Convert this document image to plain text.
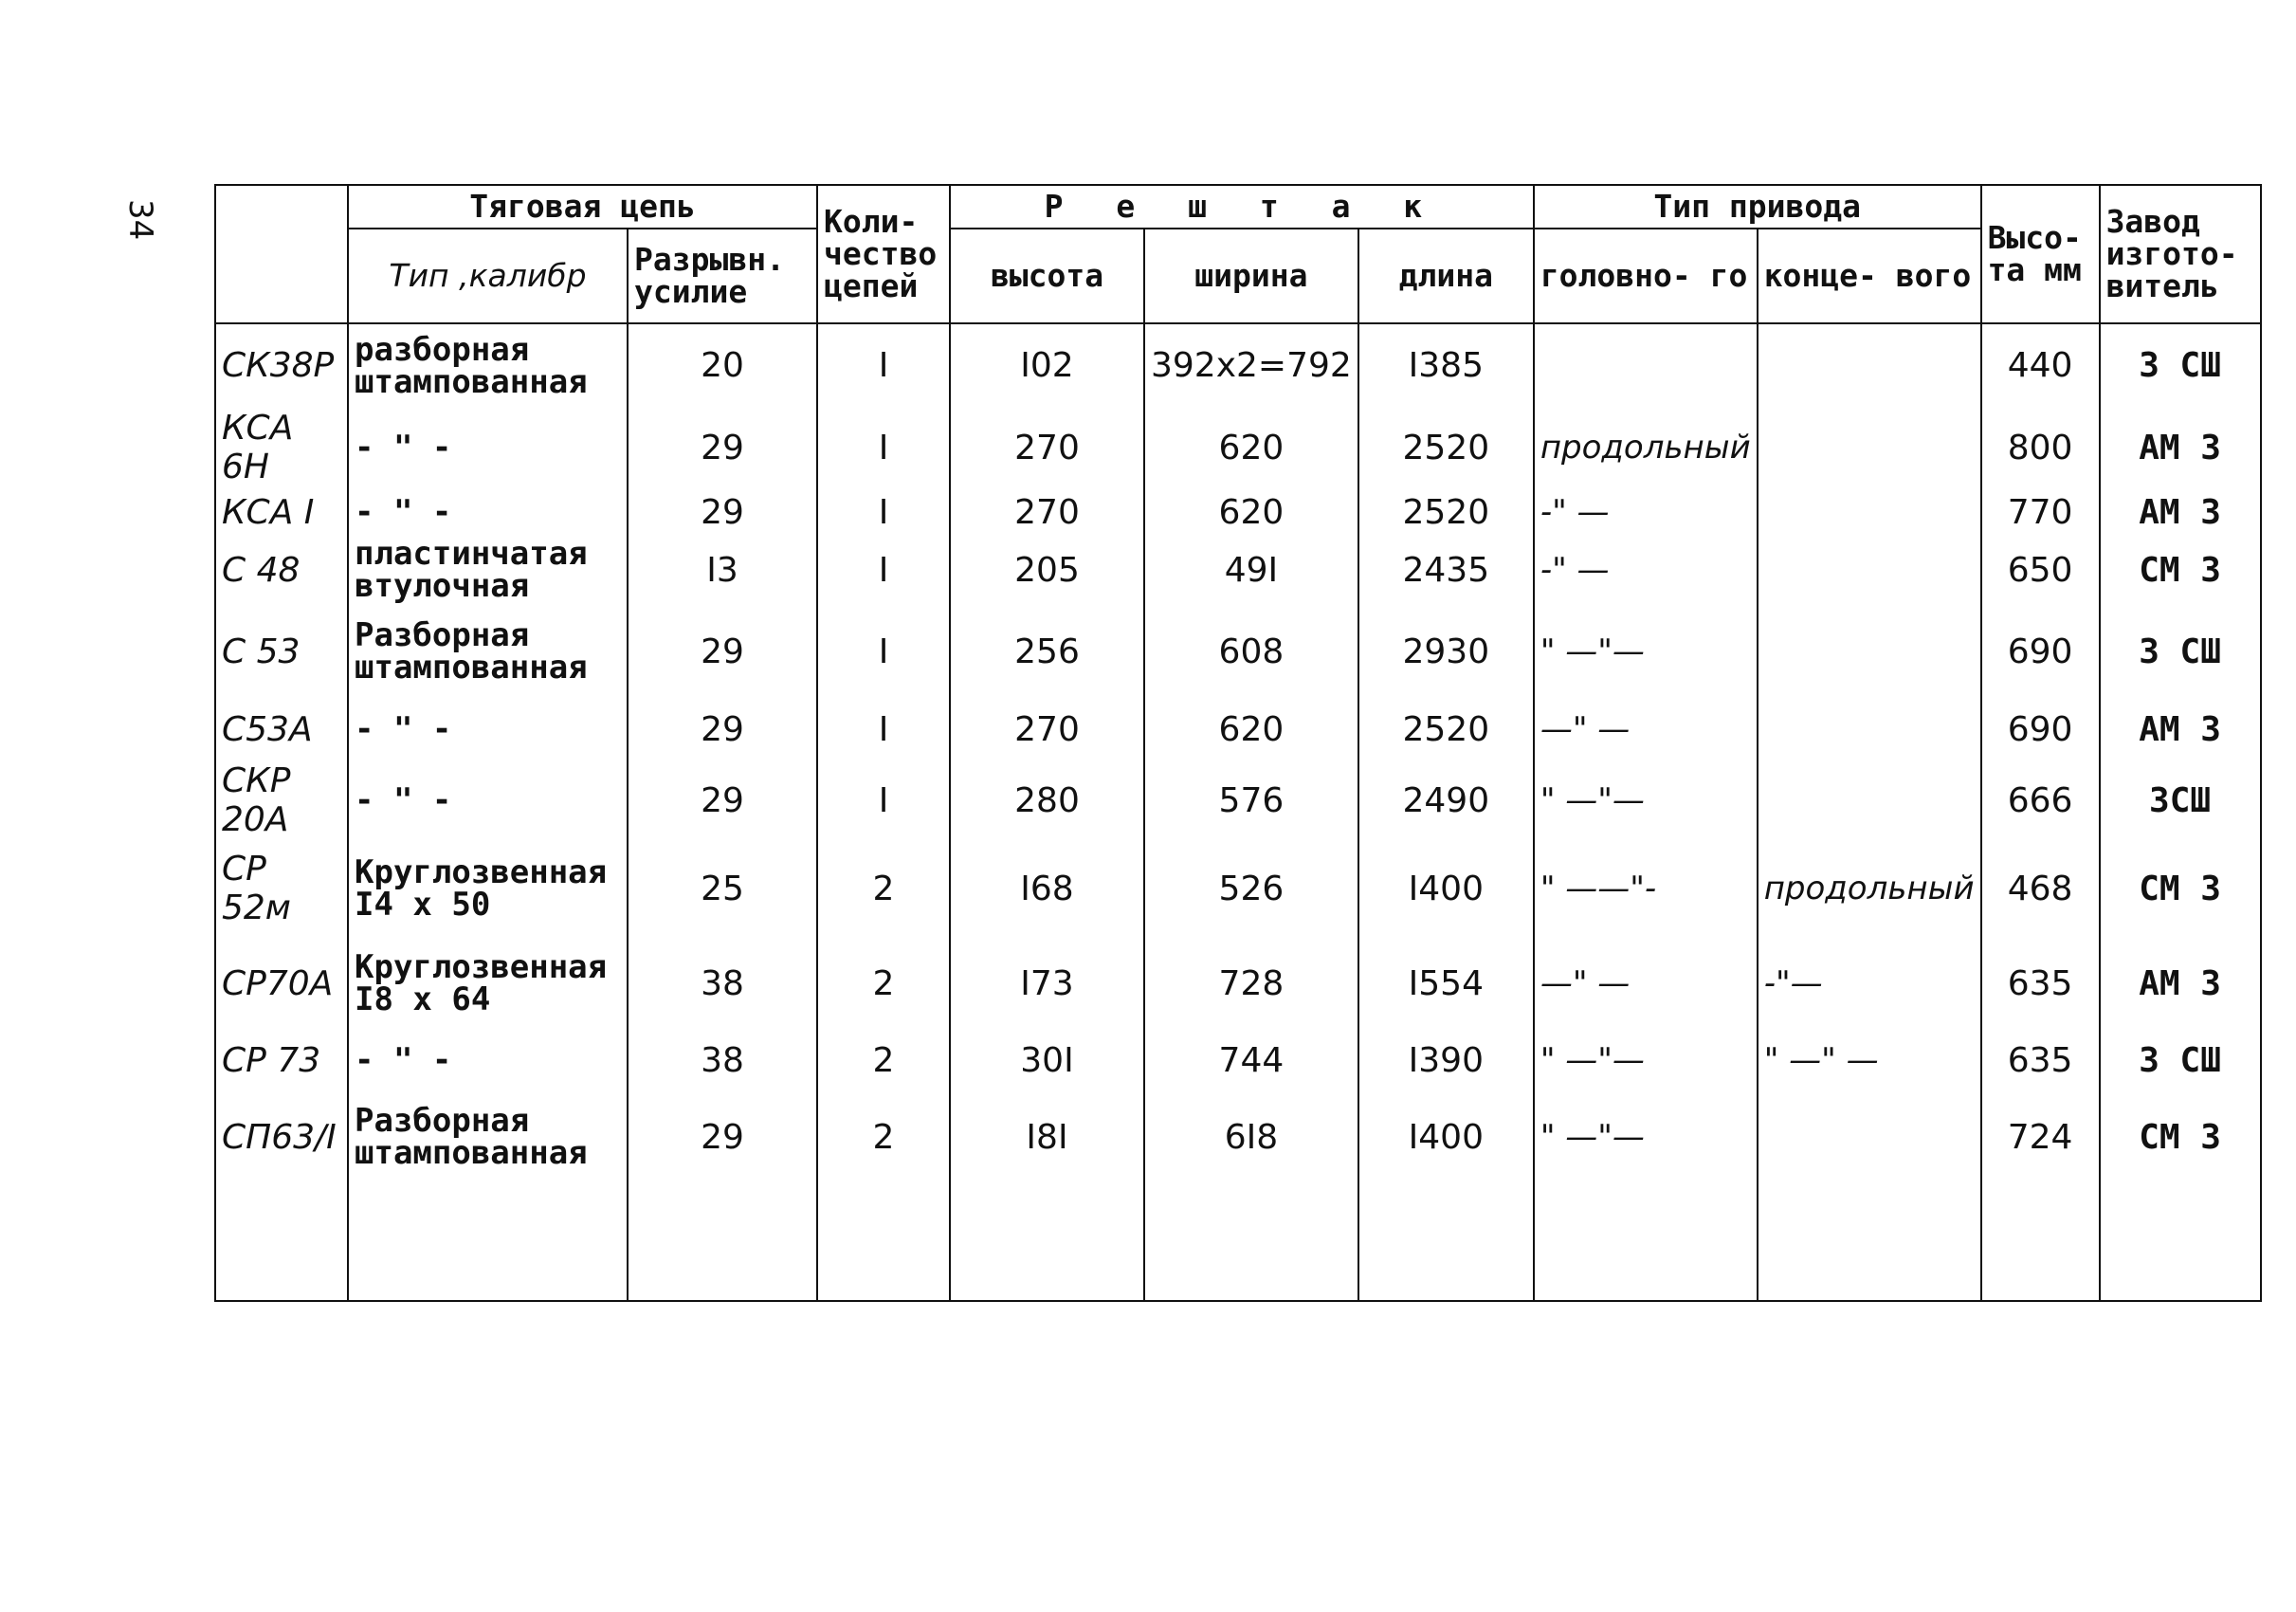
34
		Тяговая цепь		Коли- чество цепей	Р е ш т а к			Тип привода		Высо- та мм	Завод изгото- витель
	Тип ,калибр	Разрывн. усилие		высота	ширина	длина	головно- го	конце- вого		
СК38Р	разборная штампованная	20	I	I02	392х2=792	I385			440	З СШ
КСА 6Н	- " -	29	I	270	620	2520	продольный		800	АМ З
КСА I	- " -	29	I	270	620	2520	-" —		770	АМ З
С 48	пластинчатая втулочная	I3	I	205	49I	2435	-" —		650	СМ З
С 53	Разборная штампованная	29	I	256	608	2930	" —"—		690	З СШ
С53А	- " -	29	I	270	620	2520	—" —		690	АМ З
СКР 20А	- " -	29	I	280	576	2490	" —"—		666	ЗСШ
СР 52м	Круглозвенная I4 х 50	25	2	I68	526	I400	" ——"-	продольный	468	СМ З
СР70А	Круглозвенная I8 х 64	38	2	I73	728	I554	—" —	-"—	635	АМ З
СР 73	- " -	38	2	30I	744	I390	" —"—	" —" —	635	З СШ
СП63/I	Разборная штампованная	29	2	I8I	6I8	I400	" —"—		724	СМ З
